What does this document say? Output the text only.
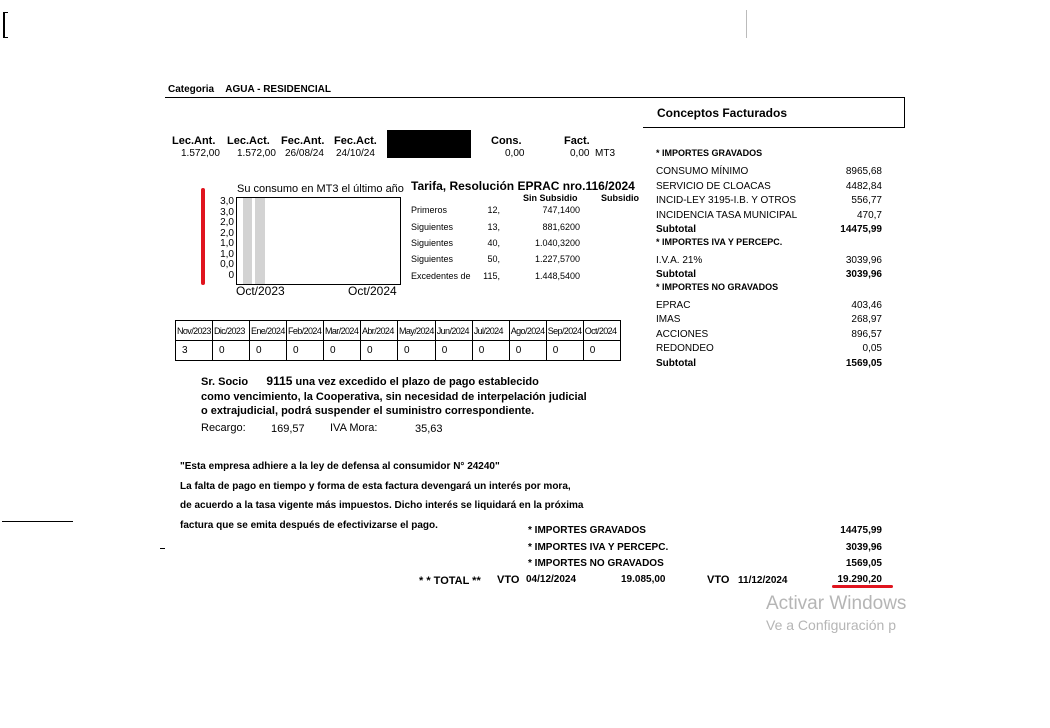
Categoria AGUA - RESIDENCIAL
Conceptos Facturados
Lec.Ant. Lec.Act. Fec.Ant. Fec.Act.
1.572,00 1.572,00 26/08/24 24/10/24
Cons.	Fact.
0,00	0,00 MT3
Su consumo en MT3 el último año
3,0
3,0
2,0
2,0
1,0
1,0
0,0
0
Oct/2023	Oct/2024
Tarifa, Resolución EPRAC nro.116/2024
Sin Subsidio	Subsidio
Primeros	12,	747,1400
Siguientes	13,	881,6200
Siguientes	40,	1.040,3200
Siguientes	50,	1.227,5700
Excedentes de	115,	1.448,5400
Nov/2023	Dic/2023	Ene/2024	Feb/2024	Mar/2024	Abr/2024	May/2024	Jun/2024	Jul/2024	Ago/2024	Sep/2024	Oct/2024
3	0	0	0	0	0	0	0	0	0	0	0
Sr. Socio 9115 una vez excedido el plazo de pago establecido
como vencimiento, la Cooperativa, sin necesidad de interpelación judicial
o extrajudicial, podrá suspender el suministro correspondiente.
Recargo: 169,57 IVA Mora:	35,63
"Esta empresa adhiere a la ley de defensa al consumidor N° 24240"
La falta de pago en tiempo y forma de esta factura devengará un interés por mora,
de acuerdo a la tasa vigente más impuestos. Dicho interés se liquidará en la próxima
factura que se emita después de efectivizarse el pago.
* IMPORTES GRAVADOS
CONSUMO MÍNIMO	8965,68
SERVICIO DE CLOACAS	4482,84
INCID-LEY 3195-I.B. Y OTROS	556,77
INCIDENCIA TASA MUNICIPAL	470,7
Subtotal	14475,99
* IMPORTES IVA Y PERCEPC.
I.V.A. 21%	3039,96
Subtotal	3039,96
* IMPORTES NO GRAVADOS
EPRAC	403,46
IMAS	268,97
ACCIONES	896,57
REDONDEO	0,05
Subtotal	1569,05
* IMPORTES GRAVADOS	14475,99
* IMPORTES IVA Y PERCEPC.	3039,96
* IMPORTES NO GRAVADOS	1569,05
* * TOTAL ** VTO 04/12/2024	19.085,00	VTO 11/12/2024	19.290,20
Activar Windows
Ve a Configuración p
